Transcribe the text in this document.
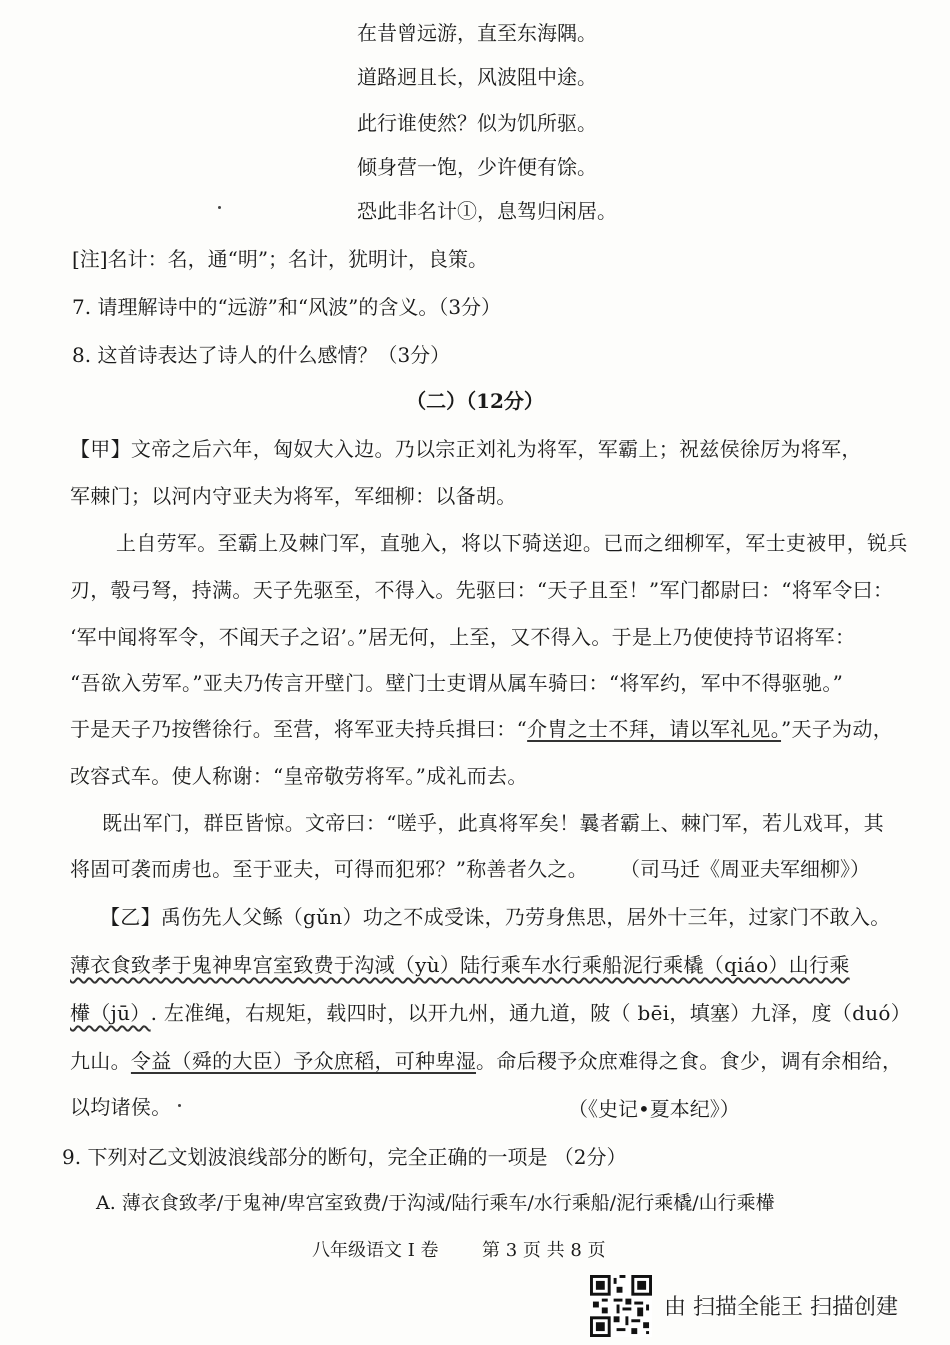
在昔曾远游，直至东海隅。
道路迥且长，风波阻中途。
此行谁使然？似为饥所驱。
倾身营一饱，少许便有馀。
恐此非名计①，息驾归闲居。
[注]名计：名，通“明”；名计，犹明计，良策。
7. 请理解诗中的“远游”和“风波”的含义。（3分）
8. 这首诗表达了诗人的什么感情？（3分）
（二）（12分）
【甲】文帝之后六年，匈奴大入边。乃以宗正刘礼为将军，军霸上；祝兹侯徐厉为将军，
军棘门；以河内守亚夫为将军，军细柳：以备胡。
上自劳军。至霸上及棘门军，直驰入，将以下骑送迎。已而之细柳军，军士吏被甲，锐兵
刃，彀弓弩，持满。天子先驱至，不得入。先驱曰：“天子且至！”军门都尉曰：“将军令曰：
‘军中闻将军令，不闻天子之诏’。”居无何，上至，又不得入。于是上乃使使持节诏将军：
“吾欲入劳军。”亚夫乃传言开壁门。壁门士吏谓从属车骑曰：“将军约，军中不得驱驰。”
于是天子乃按辔徐行。至营，将军亚夫持兵揖曰：“介胄之士不拜，请以军礼见。”天子为动，
改容式车。使人称谢：“皇帝敬劳将军。”成礼而去。
既出军门，群臣皆惊。文帝曰：“嗟乎，此真将军矣！曩者霸上、棘门军，若儿戏耳，其
将固可袭而虏也。至于亚夫，可得而犯邪？”称善者久之。 （司马迁《周亚夫军细柳》）
【乙】禹伤先人父鲧（gǔn）功之不成受诛，乃劳身焦思，居外十三年，过家门不敢入。
薄衣食致孝于鬼神卑宫室致费于沟淢（yù）陆行乘车水行乘船泥行乘橇（qiáo）山行乘
檋（jū）. 左准绳，右规矩，载四时，以开九州，通九道，陂（ bēi，填塞）九泽，度（duó）
九山。令益（舜的大臣）予众庶稻，可种卑湿。命后稷予众庶难得之食。食少，调有余相给，
以均诸侯。	（《史记•夏本纪》）
9. 下列对乙文划波浪线部分的断句，完全正确的一项是 （2分）
A. 薄衣食致孝/于鬼神/卑宫室致费/于沟淢/陆行乘车/水行乘船/泥行乘橇/山行乘檋
八年级语文 I 卷 第 3 页 共 8 页
由 扫描全能王 扫描创建
